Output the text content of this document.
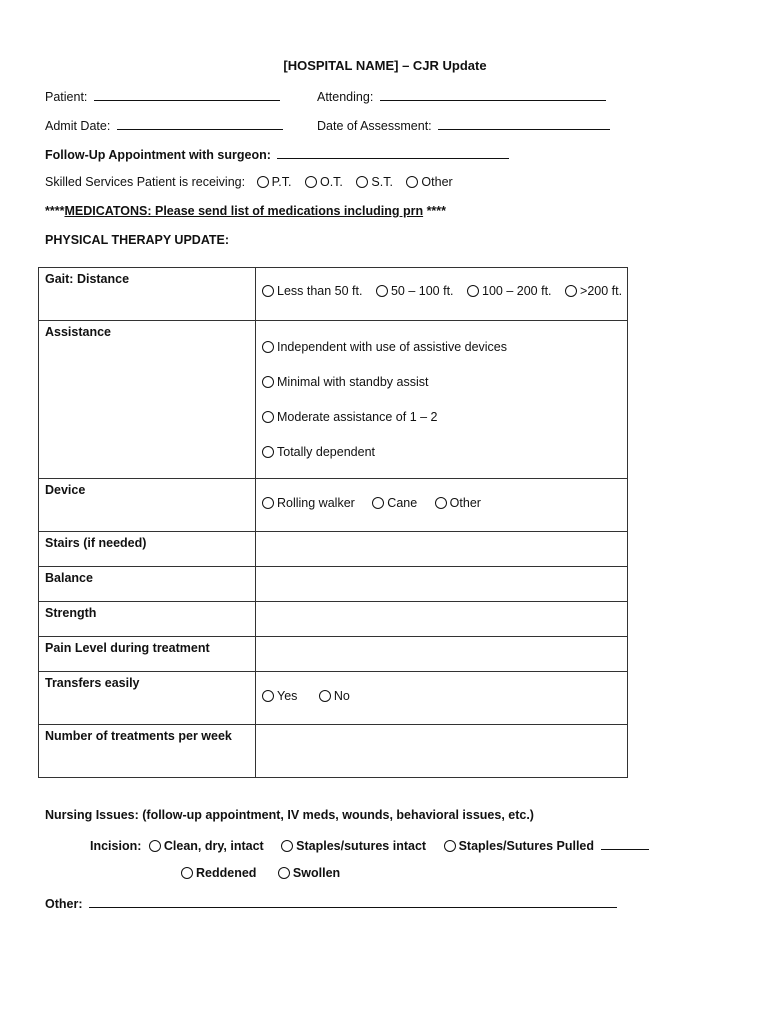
[HOSPITAL NAME] – CJR Update
Patient:	Attending:
Admit Date:	Date of Assessment:
Follow-Up Appointment with surgeon:
Skilled Services Patient is receiving: P.T. O.T. S.T. Other
****MEDICATONS: Please send list of medications including prn ****
PHYSICAL THERAPY UPDATE:
Gait: Distance	Less than 50 ft. 50 – 100 ft. 100 – 200 ft. >200 ft.

Assistance	Independent with use of assistive devices
Minimal with standby assist
Moderate assistance of 1 – 2
Totally dependent

Device	Rolling walker Cane Other

Stairs (if needed)	
Balance	
Strength	
Pain Level during treatment	
Transfers easily	Yes No

Number of treatments per week	
Nursing Issues: (follow-up appointment, IV meds, wounds, behavioral issues, etc.)
Incision: Clean, dry, intact	Staples/sutures intact	Staples/Sutures Pulled
Reddened	Swollen
Other:
